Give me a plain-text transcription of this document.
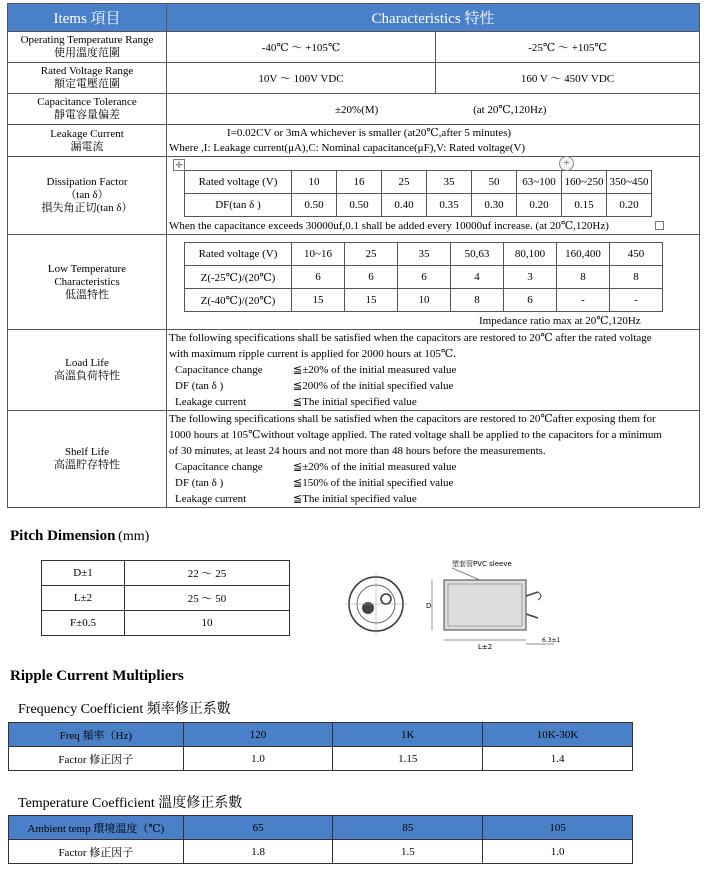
Items 項目	Characteristics 特性

Operating Temperature Range
使用溫度范圍	-40℃ ～ +105℃	-25℃ ～ +105℃

Rated Voltage Range
額定電壓范圍	10V ～ 100V VDC	160 V ～ 450V VDC

Capacitance Tolerance
靜電容量偏差	±20%(M)	(at 20℃,120Hz)

Leakage Current
漏電流

I=0.02CV or 3mA whichever is smaller (at20℃,after 5 minutes)
Where ,I: Leakage current(μA),C: Nominal capacitance(μF),V: Rated voltage(V)

Dissipation Factor
（tan δ）
損失角正切(tan δ）

✛	+
Rated voltage (V)	10	16	25	35	50	63~100	160~250	350~450
DF(tan δ )	0.50	0.50	0.40	0.35	0.30	0.20	0.15	0.20
When the capacitance exceeds 30000uf,0.1 shall be added every 10000uf increase. (at 20℃,120Hz)

Low Temperature
Characteristics
低溫特性

Rated voltage (V)	10~16	25	35	50,63	80,100	160,400	450
Z(-25℃)/(20℃)	6	6	6	4	3	8	8
Z(-40℃)/(20℃)	15	15	10	8	6	-	-
Impedance ratio max at 20℃,120Hz

Load Life
高溫負荷特性

The following specifications shall be satisfied when the capacitors are restored to 20℃ after the rated voltage
with maximum ripple current is applied for 2000 hours at 105℃.
Capacitance change	≦±20% of the initial measured value
DF (tan δ )	≦200% of the initial specified value
Leakage current	≦The initial specified value

Shelf Life
高溫貯存特性

The following specifications shall be satisfied when the capacitors are restored to 20℃after exposing them for
1000 hours at 105℃without voltage applied. The rated voltage shall be applied to the capacitors for a minimum
of 30 minutes, at least 24 hours and not more than 48 hours before the measurements.
Capacitance change	≦±20% of the initial measured value
DF (tan δ )	≦150% of the initial specified value
Leakage current	≦The initial specified value
Pitch Dimension (mm)
D±1	22 ～ 25
L±2	25 ～ 50
F±0.5	10
塑套管PVC sleeve
D
L±2
6.3±1
Ripple Current Multipliers
Frequency Coefficient 頻率修正系數
Freq 頻率（Hz)	120	1K	10K-30K
Factor 修正因子	1.0	1.15	1.4
Temperature Coefficient 溫度修正系數
Ambient temp 環境溫度（℃)	65	85	105
Factor 修正因子	1.8	1.5	1.0
